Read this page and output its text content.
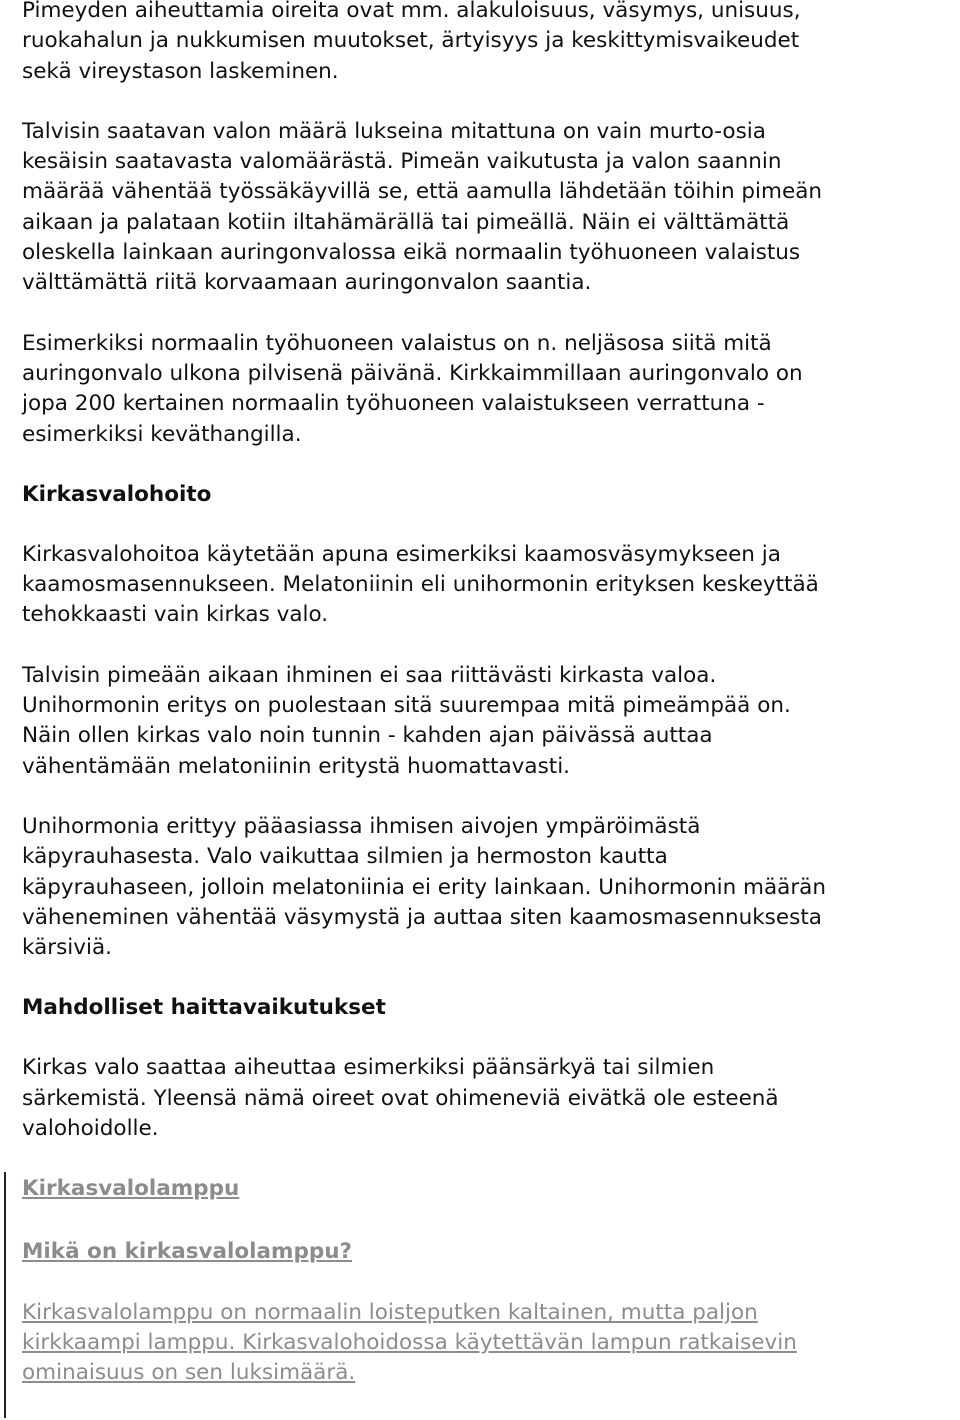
Pimeyden aiheuttamia oireita ovat mm. alakuloisuus, väsymys, unisuus,
ruokahalun ja nukkumisen muutokset, ärtyisyys ja keskittymisvaikeudet
sekä vireystason laskeminen.
Talvisin saatavan valon määrä lukseina mitattuna on vain murto-osia
kesäisin saatavasta valomäärästä. Pimeän vaikutusta ja valon saannin
määrää vähentää työssäkäyvillä se, että aamulla lähdetään töihin pimeän
aikaan ja palataan kotiin iltahämärällä tai pimeällä. Näin ei välttämättä
oleskella lainkaan auringonvalossa eikä normaalin työhuoneen valaistus
välttämättä riitä korvaamaan auringonvalon saantia.
Esimerkiksi normaalin työhuoneen valaistus on n. neljäsosa siitä mitä
auringonvalo ulkona pilvisenä päivänä. Kirkkaimmillaan auringonvalo on
jopa 200 kertainen normaalin työhuoneen valaistukseen verrattuna -
esimerkiksi keväthangilla.
Kirkasvalohoito
Kirkasvalohoitoa käytetään apuna esimerkiksi kaamosväsymykseen ja
kaamosmasennukseen. Melatoniinin eli unihormonin erityksen keskeyttää
tehokkaasti vain kirkas valo.
Talvisin pimeään aikaan ihminen ei saa riittävästi kirkasta valoa.
Unihormonin eritys on puolestaan sitä suurempaa mitä pimeämpää on.
Näin ollen kirkas valo noin tunnin - kahden ajan päivässä auttaa
vähentämään melatoniinin eritystä huomattavasti.
Unihormonia erittyy pääasiassa ihmisen aivojen ympäröimästä
käpyrauhasesta. Valo vaikuttaa silmien ja hermoston kautta
käpyrauhaseen, jolloin melatoniinia ei erity lainkaan. Unihormonin määrän
väheneminen vähentää väsymystä ja auttaa siten kaamosmasennuksesta
kärsiviä.
Mahdolliset haittavaikutukset
Kirkas valo saattaa aiheuttaa esimerkiksi päänsärkyä tai silmien
särkemistä. Yleensä nämä oireet ovat ohimeneviä eivätkä ole esteenä
valohoidolle.
Kirkasvalolamppu
Mikä on kirkasvalolamppu?
Kirkasvalolamppu on normaalin loisteputken kaltainen, mutta paljon
kirkkaampi lamppu. Kirkasvalohoidossa käytettävän lampun ratkaisevin
ominaisuus on sen luksimäärä.
